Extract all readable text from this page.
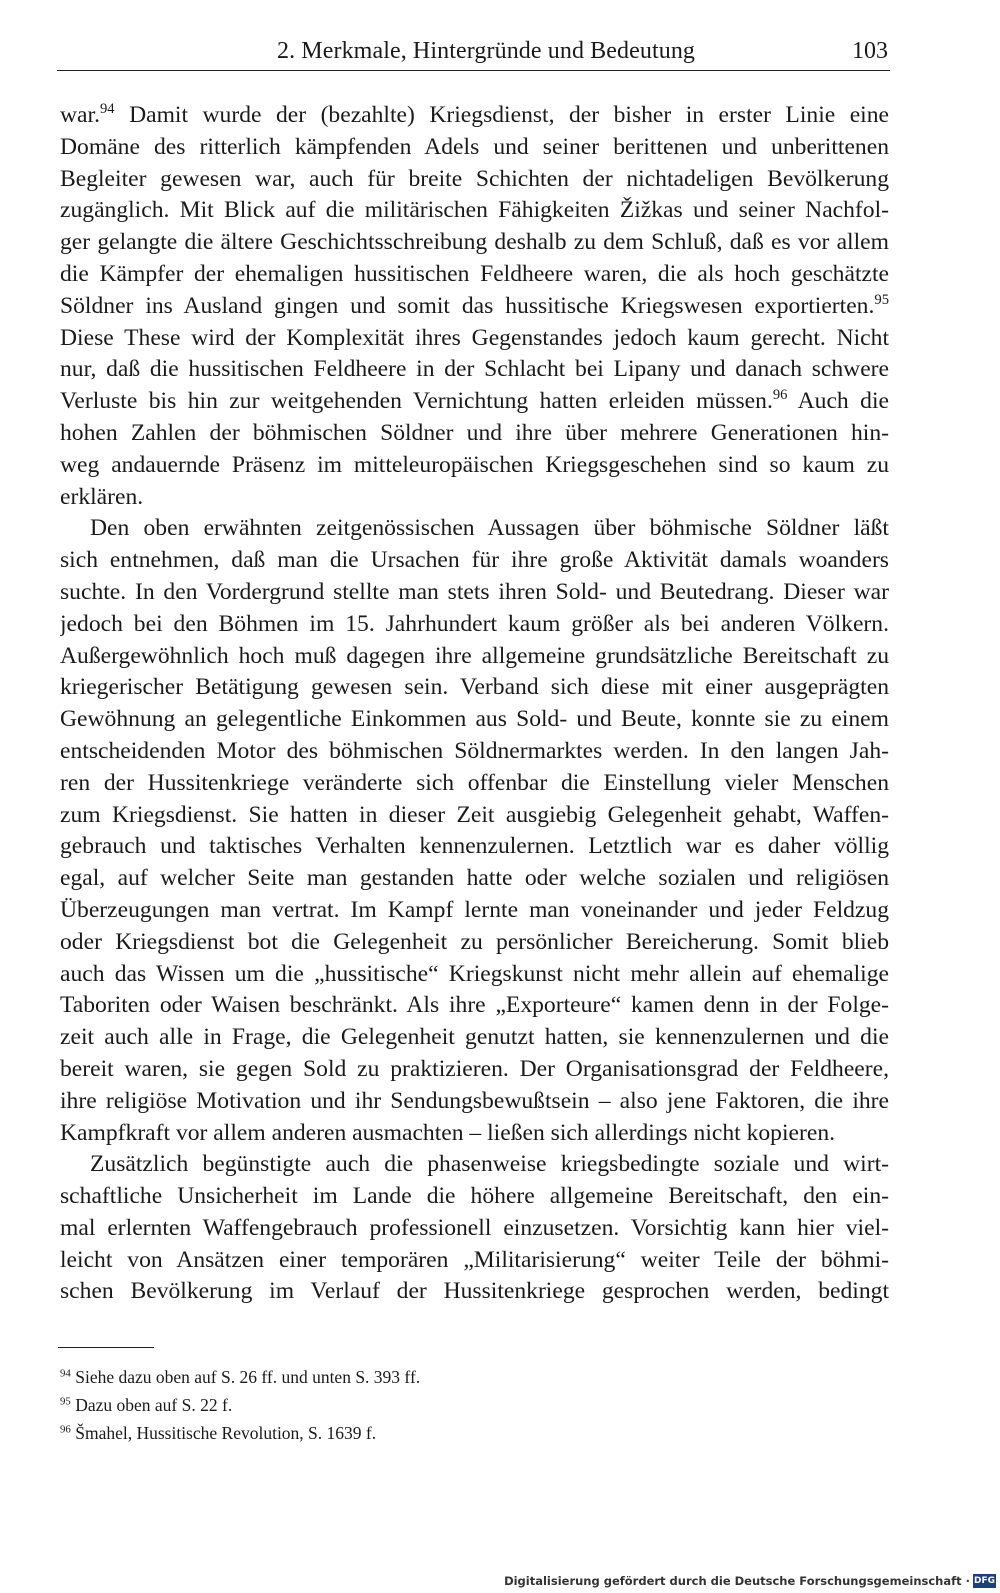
2. Merkmale, Hintergründe und Bedeutung	103
war.$^{94}$ Damit wurde der (bezahlte) Kriegsdienst, der bisher in erster Linie eine
Domäne des ritterlich kämpfenden Adels und seiner berittenen und unberittenen
Begleiter gewesen war, auch für breite Schichten der nichtadeligen Bevölkerung
zugänglich. Mit Blick auf die militärischen Fähigkeiten Žižkas und seiner Nachfol-
ger gelangte die ältere Geschichtsschreibung deshalb zu dem Schluß, daß es vor allem
die Kämpfer der ehemaligen hussitischen Feldheere waren, die als hoch geschätzte
Söldner ins Ausland gingen und somit das hussitische Kriegswesen exportierten.$^{95}$
Diese These wird der Komplexität ihres Gegenstandes jedoch kaum gerecht. Nicht
nur, daß die hussitischen Feldheere in der Schlacht bei Lipany und danach schwere
Verluste bis hin zur weitgehenden Vernichtung hatten erleiden müssen.$^{96}$ Auch die
hohen Zahlen der böhmischen Söldner und ihre über mehrere Generationen hin-
weg andauernde Präsenz im mitteleuropäischen Kriegsgeschehen sind so kaum zu
erklären.
Den oben erwähnten zeitgenössischen Aussagen über böhmische Söldner läßt
sich entnehmen, daß man die Ursachen für ihre große Aktivität damals woanders
suchte. In den Vordergrund stellte man stets ihren Sold- und Beutedrang. Dieser war
jedoch bei den Böhmen im 15. Jahrhundert kaum größer als bei anderen Völkern.
Außergewöhnlich hoch muß dagegen ihre allgemeine grundsätzliche Bereitschaft zu
kriegerischer Betätigung gewesen sein. Verband sich diese mit einer ausgeprägten
Gewöhnung an gelegentliche Einkommen aus Sold- und Beute, konnte sie zu einem
entscheidenden Motor des böhmischen Söldnermarktes werden. In den langen Jah-
ren der Hussitenkriege veränderte sich offenbar die Einstellung vieler Menschen
zum Kriegsdienst. Sie hatten in dieser Zeit ausgiebig Gelegenheit gehabt, Waffen-
gebrauch und taktisches Verhalten kennenzulernen. Letztlich war es daher völlig
egal, auf welcher Seite man gestanden hatte oder welche sozialen und religiösen
Überzeugungen man vertrat. Im Kampf lernte man voneinander und jeder Feldzug
oder Kriegsdienst bot die Gelegenheit zu persönlicher Bereicherung. Somit blieb
auch das Wissen um die „hussitische“ Kriegskunst nicht mehr allein auf ehemalige
Taboriten oder Waisen beschränkt. Als ihre „Exporteure“ kamen denn in der Folge-
zeit auch alle in Frage, die Gelegenheit genutzt hatten, sie kennenzulernen und die
bereit waren, sie gegen Sold zu praktizieren. Der Organisationsgrad der Feldheere,
ihre religiöse Motivation und ihr Sendungsbewußtsein – also jene Faktoren, die ihre
Kampfkraft vor allem anderen ausmachten – ließen sich allerdings nicht kopieren.
Zusätzlich begünstigte auch die phasenweise kriegsbedingte soziale und wirt-
schaftliche Unsicherheit im Lande die höhere allgemeine Bereitschaft, den ein-
mal erlernten Waffengebrauch professionell einzusetzen. Vorsichtig kann hier viel-
leicht von Ansätzen einer temporären „Militarisierung“ weiter Teile der böhmi-
schen Bevölkerung im Verlauf der Hussitenkriege gesprochen werden, bedingt
$^{94}$ Siehe dazu oben auf S. 26 ff. und unten S. 393 ff.
$^{95}$ Dazu oben auf S. 22 f.
$^{96}$ Šmahel, Hussitische Revolution, S. 1639 f.
Digitalisierung gefördert durch die Deutsche Forschungsgemeinschaft · DFG
